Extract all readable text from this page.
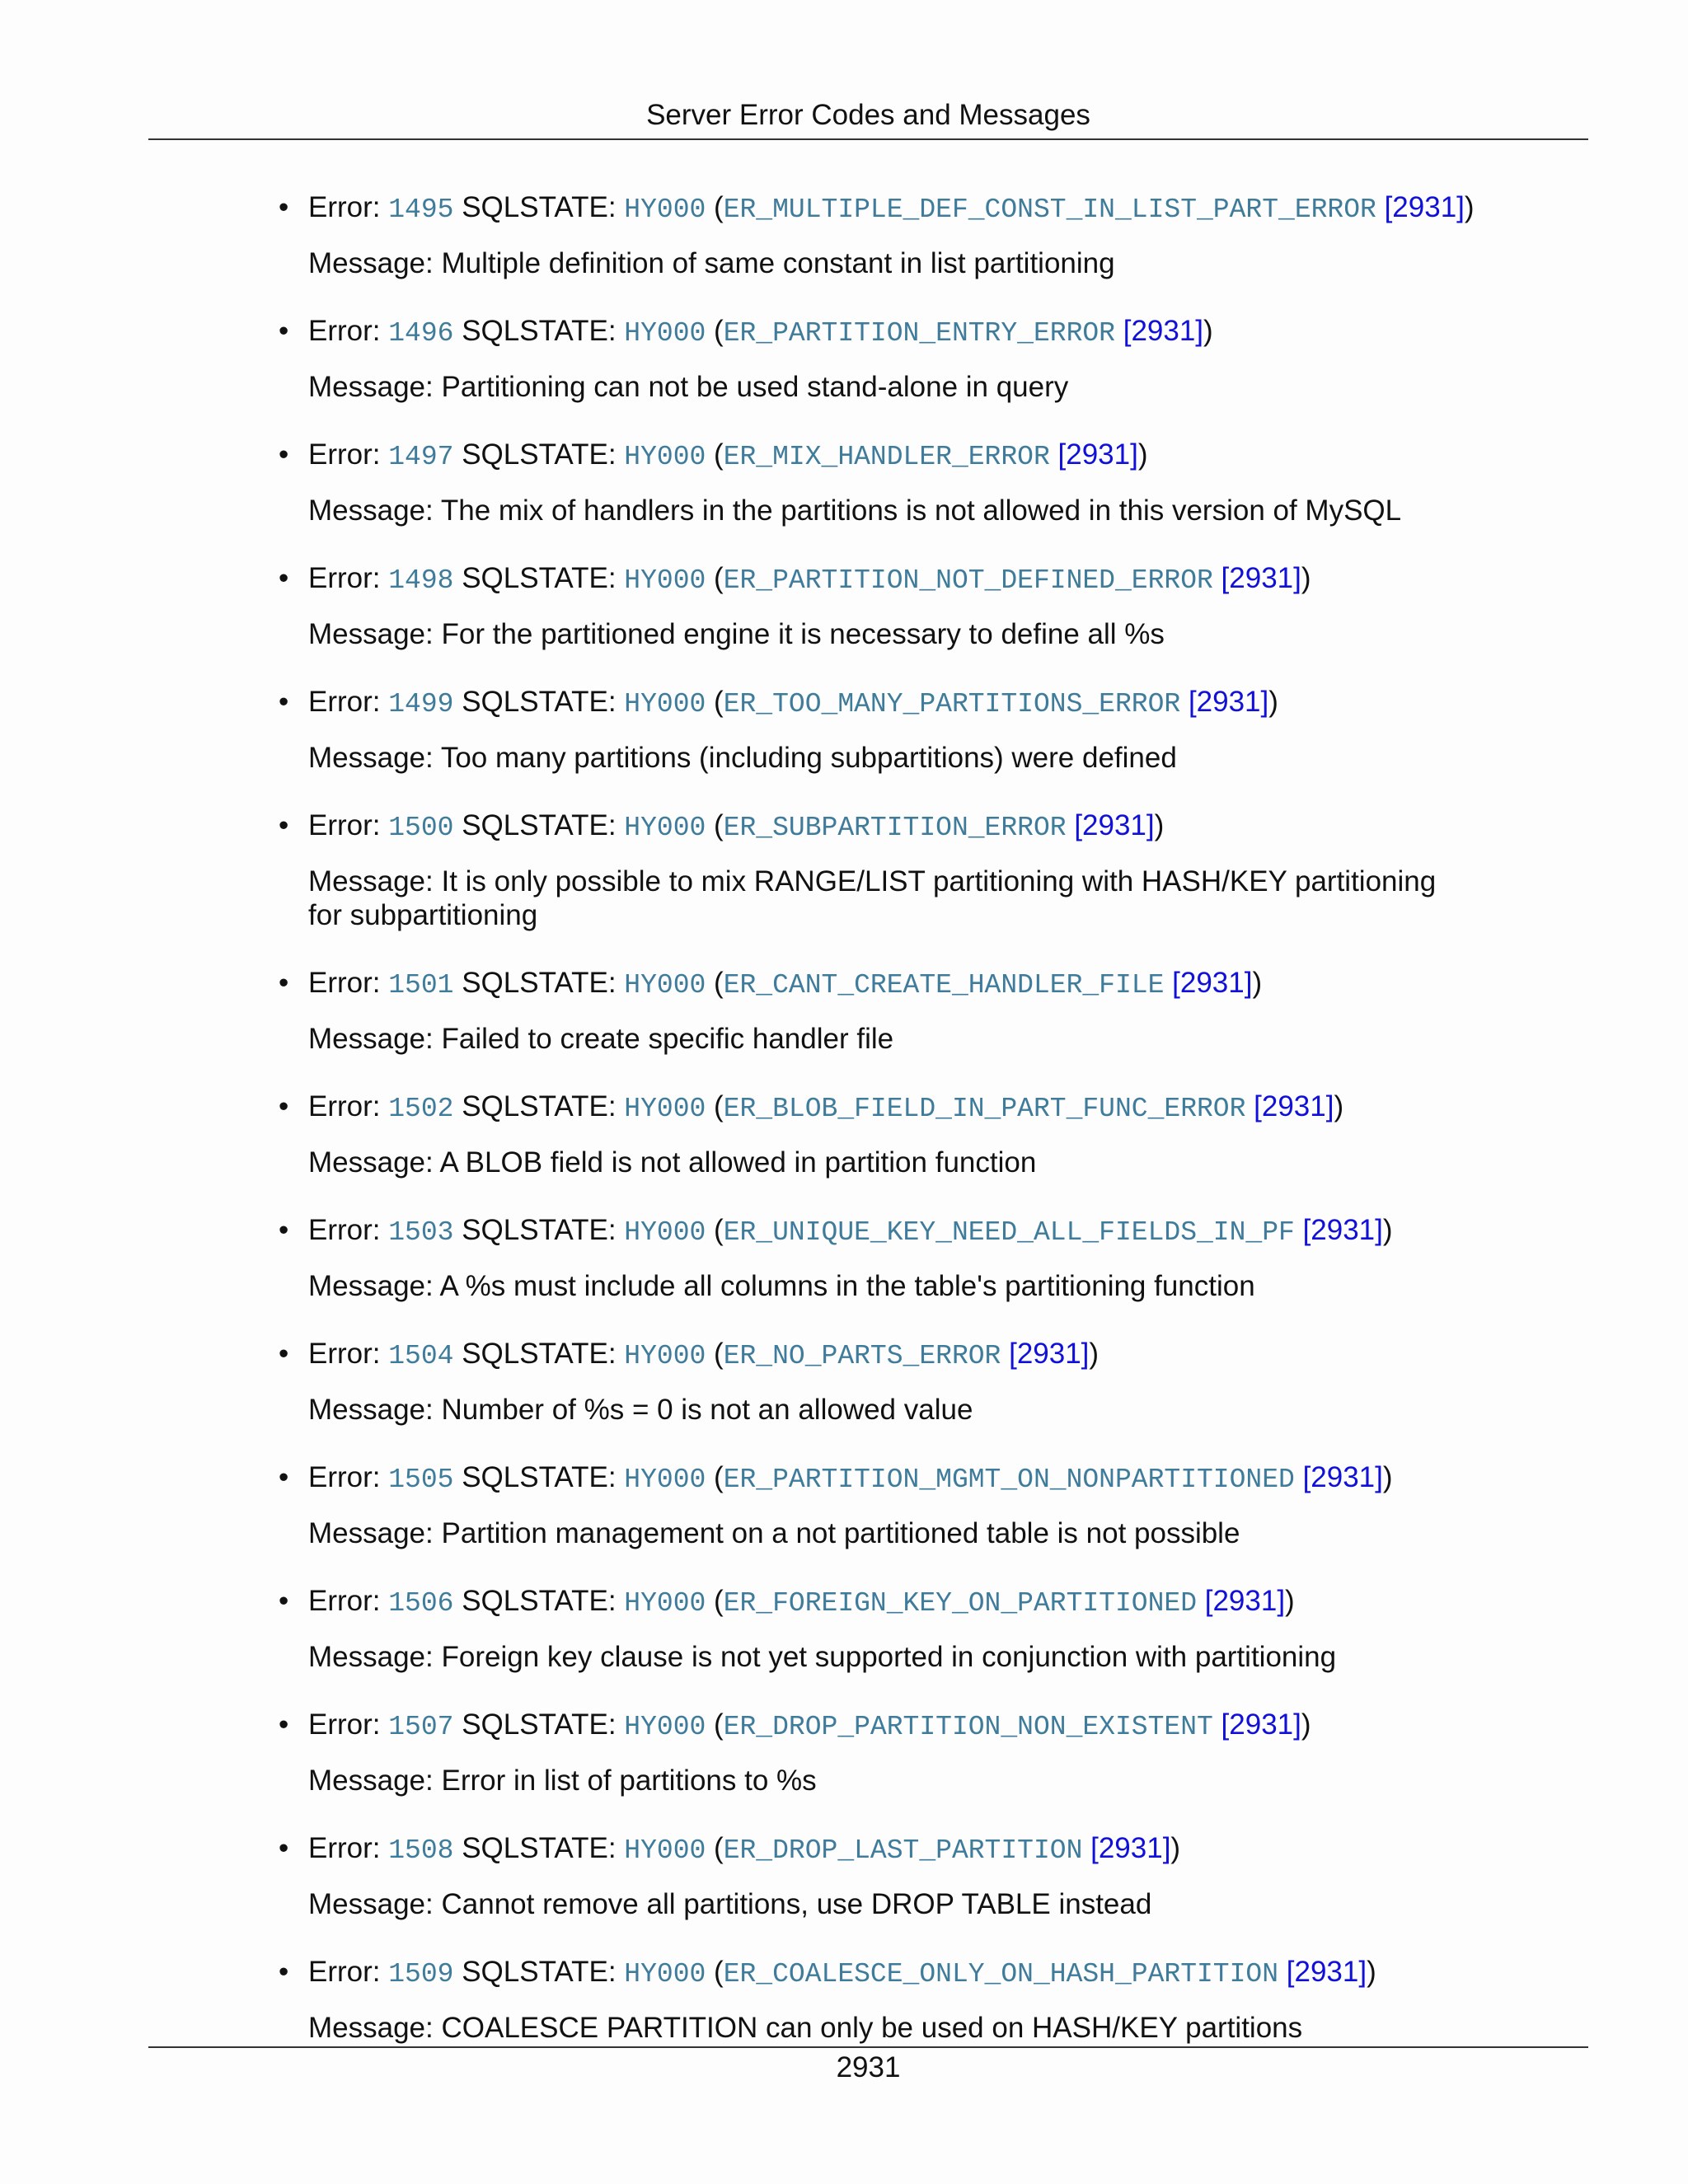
Server Error Codes and Messages
• Error: 1495 SQLSTATE: HY000 (ER_MULTIPLE_DEF_CONST_IN_LIST_PART_ERROR [2931])
Message: Multiple definition of same constant in list partitioning
• Error: 1496 SQLSTATE: HY000 (ER_PARTITION_ENTRY_ERROR [2931])
Message: Partitioning can not be used stand-alone in query
• Error: 1497 SQLSTATE: HY000 (ER_MIX_HANDLER_ERROR [2931])
Message: The mix of handlers in the partitions is not allowed in this version of MySQL
• Error: 1498 SQLSTATE: HY000 (ER_PARTITION_NOT_DEFINED_ERROR [2931])
Message: For the partitioned engine it is necessary to define all %s
• Error: 1499 SQLSTATE: HY000 (ER_TOO_MANY_PARTITIONS_ERROR [2931])
Message: Too many partitions (including subpartitions) were defined
• Error: 1500 SQLSTATE: HY000 (ER_SUBPARTITION_ERROR [2931])
Message: It is only possible to mix RANGE/LIST partitioning with HASH/KEY partitioning for subpartitioning
• Error: 1501 SQLSTATE: HY000 (ER_CANT_CREATE_HANDLER_FILE [2931])
Message: Failed to create specific handler file
• Error: 1502 SQLSTATE: HY000 (ER_BLOB_FIELD_IN_PART_FUNC_ERROR [2931])
Message: A BLOB field is not allowed in partition function
• Error: 1503 SQLSTATE: HY000 (ER_UNIQUE_KEY_NEED_ALL_FIELDS_IN_PF [2931])
Message: A %s must include all columns in the table's partitioning function
• Error: 1504 SQLSTATE: HY000 (ER_NO_PARTS_ERROR [2931])
Message: Number of %s = 0 is not an allowed value
• Error: 1505 SQLSTATE: HY000 (ER_PARTITION_MGMT_ON_NONPARTITIONED [2931])
Message: Partition management on a not partitioned table is not possible
• Error: 1506 SQLSTATE: HY000 (ER_FOREIGN_KEY_ON_PARTITIONED [2931])
Message: Foreign key clause is not yet supported in conjunction with partitioning
• Error: 1507 SQLSTATE: HY000 (ER_DROP_PARTITION_NON_EXISTENT [2931])
Message: Error in list of partitions to %s
• Error: 1508 SQLSTATE: HY000 (ER_DROP_LAST_PARTITION [2931])
Message: Cannot remove all partitions, use DROP TABLE instead
• Error: 1509 SQLSTATE: HY000 (ER_COALESCE_ONLY_ON_HASH_PARTITION [2931])
Message: COALESCE PARTITION can only be used on HASH/KEY partitions
2931
